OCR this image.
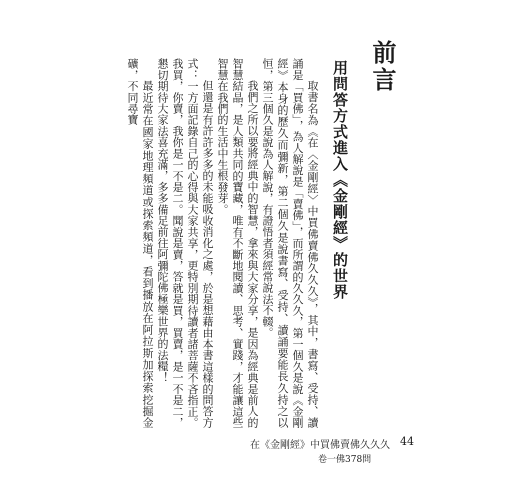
前言
用問答方式進入《金剛經》的世界

取書名為《在〈金剛經〉中買佛賣佛久久久》，其中，書寫、受持、讀誦是「買佛」，為人解說是「賣佛」，而所謂的久久久，第一個久是說《金剛經》本身的歷久而彌新，第二個久是說書寫、受持、讀誦要能長久持之以恒，第三個久是說為人解說，有證悟者須經常說法不輟。

我們之所以要將經典中的智慧，拿來與大家分享，是因為經典是前人的智慧結晶，是人類共同的寶藏，唯有不斷地閱讀、思考、實踐，才能讓這些智慧在我們的生活中生根發芽。

但還是有許許多多的未能吸收消化之處，於是想藉由本書這樣的問答方式：一方面記錄自己的心得與大家共享，更特別期待讀者諸菩薩不吝指正。我買，你賣，我你是一不是二。聞說是賣，答就是買，買賣，是一不是二，懇切期待大家法喜充滿，多多備足前往阿彌陀佛極樂世界的法糧！

最近常在國家地理頻道或探索頻道，看到播放在阿拉斯加探索挖掘金礦，不同尋寶

在《金剛經》中買佛賣佛久久久 44
卷一佛378問
